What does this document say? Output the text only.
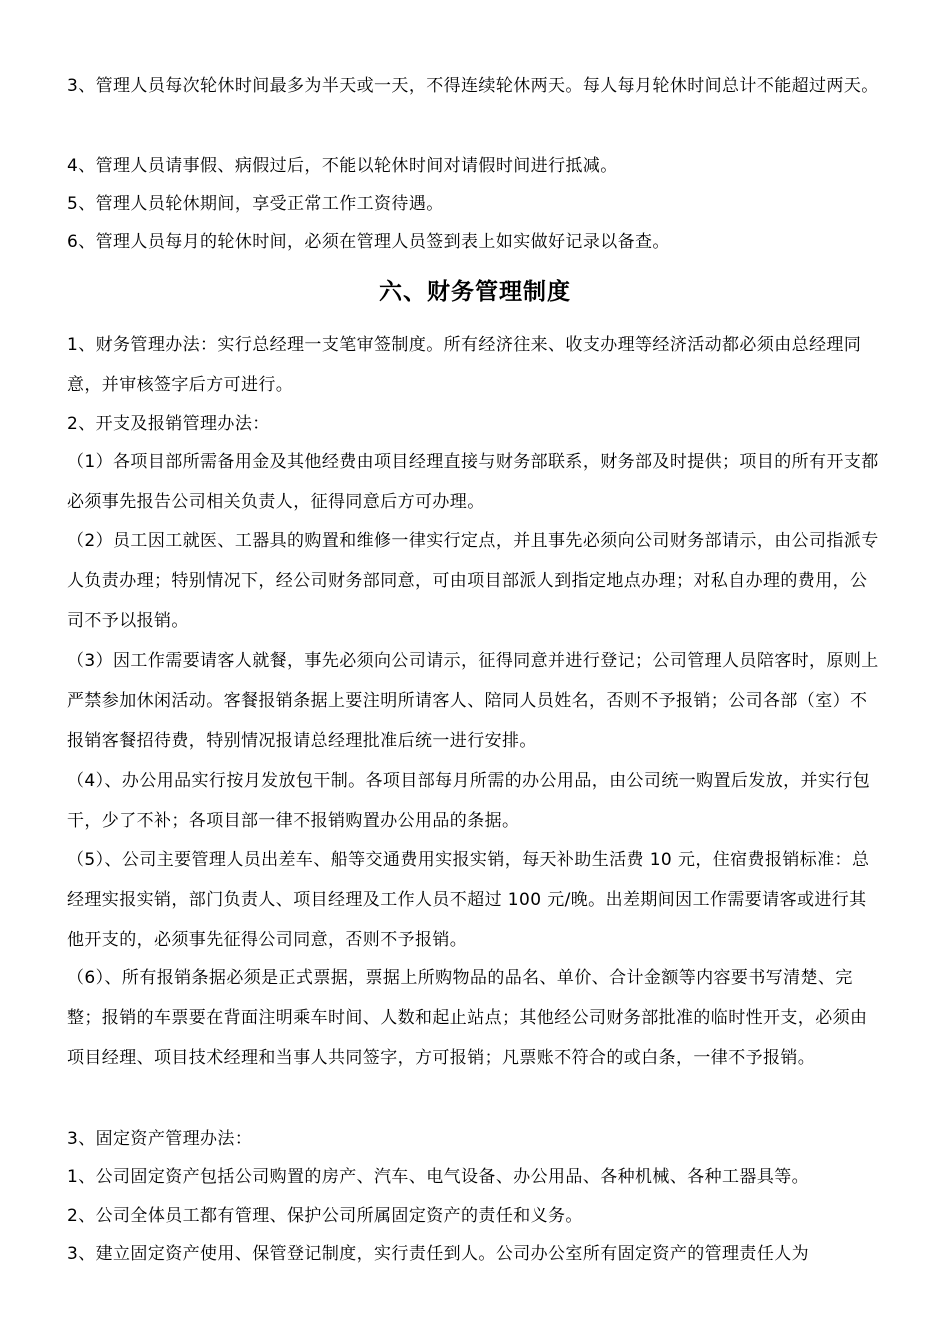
3、管理人员每次轮休时间最多为半天或一天，不得连续轮休两天。每人每月轮休时间总计不能超过两天。

4、管理人员请事假、病假过后，不能以轮休时间对请假时间进行抵减。

5、管理人员轮休期间，享受正常工作工资待遇。

6、管理人员每月的轮休时间，必须在管理人员签到表上如实做好记录以备查。

六、财务管理制度

1、财务管理办法：实行总经理一支笔审签制度。所有经济往来、收支办理等经济活动都必须由总经理同意，并审核签字后方可进行。

2、开支及报销管理办法：

（1）各项目部所需备用金及其他经费由项目经理直接与财务部联系，财务部及时提供；项目的所有开支都必须事先报告公司相关负责人，征得同意后方可办理。

（2）员工因工就医、工器具的购置和维修一律实行定点，并且事先必须向公司财务部请示，由公司指派专人负责办理；特别情况下，经公司财务部同意，可由项目部派人到指定地点办理；对私自办理的费用，公司不予以报销。

（3）因工作需要请客人就餐，事先必须向公司请示，征得同意并进行登记；公司管理人员陪客时，原则上严禁参加休闲活动。客餐报销条据上要注明所请客人、陪同人员姓名，否则不予报销；公司各部（室）不报销客餐招待费，特别情况报请总经理批准后统一进行安排。

（4）、办公用品实行按月发放包干制。各项目部每月所需的办公用品，由公司统一购置后发放，并实行包干，少了不补；各项目部一律不报销购置办公用品的条据。

（5）、公司主要管理人员出差车、船等交通费用实报实销，每天补助生活费 10 元，住宿费报销标准：总经理实报实销，部门负责人、项目经理及工作人员不超过 100 元/晚。出差期间因工作需要请客或进行其他开支的，必须事先征得公司同意，否则不予报销。

（6）、所有报销条据必须是正式票据，票据上所购物品的品名、单价、合计金额等内容要书写清楚、完整；报销的车票要在背面注明乘车时间、人数和起止站点；其他经公司财务部批准的临时性开支，必须由项目经理、项目技术经理和当事人共同签字，方可报销；凡票账不符合的或白条，一律不予报销。

3、固定资产管理办法：

1、公司固定资产包括公司购置的房产、汽车、电气设备、办公用品、各种机械、各种工器具等。

2、公司全体员工都有管理、保护公司所属固定资产的责任和义务。

3、建立固定资产使用、保管登记制度，实行责任到人。公司办公室所有固定资产的管理责任人为
